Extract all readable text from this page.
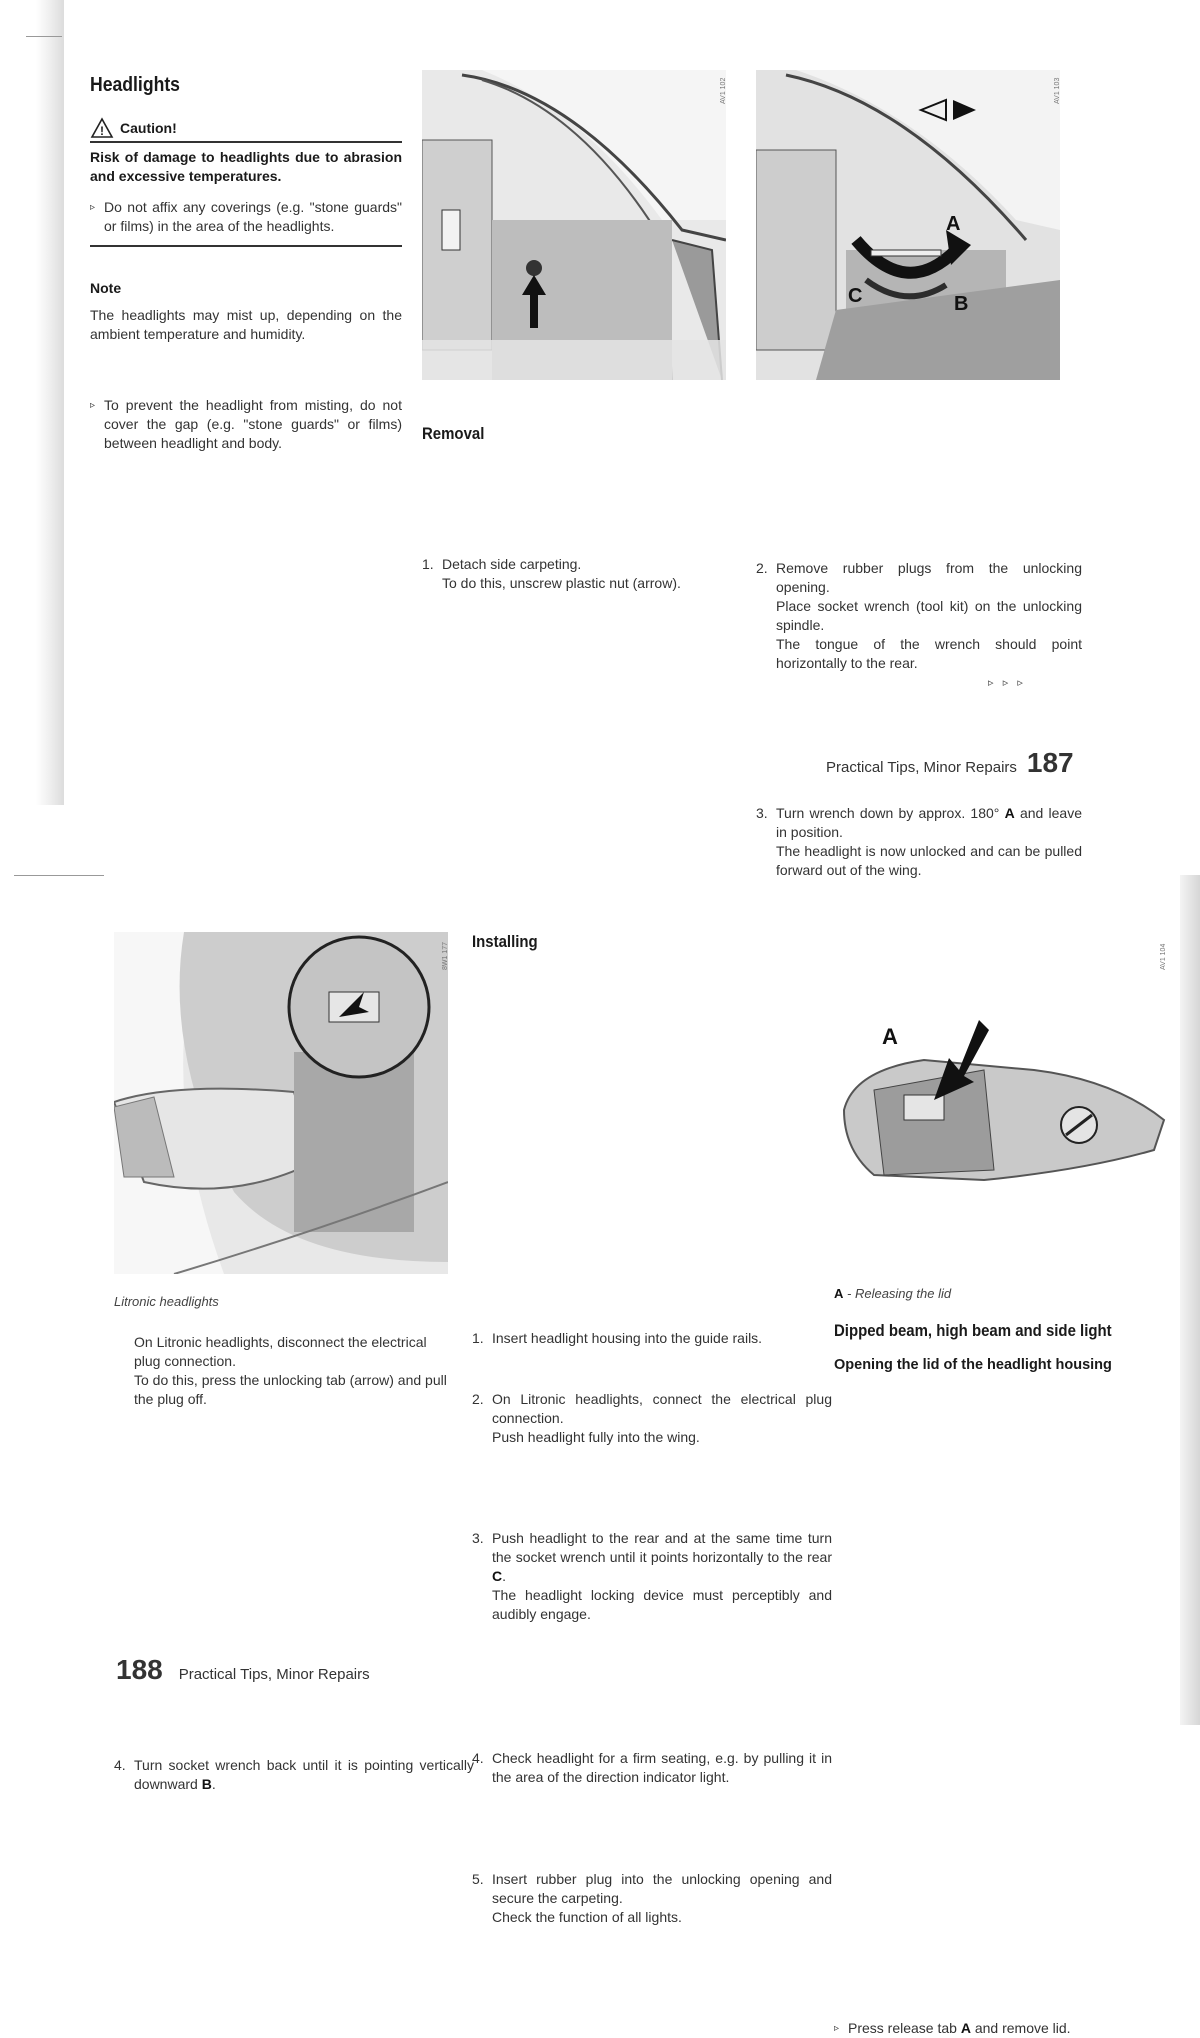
Headlights
! Caution!
Risk of damage to headlights due to abrasion and excessive temperatures.
▹ Do not affix any coverings (e.g. "stone guards" or films) in the area of the headlights.
Note
The headlights may mist up, depending on the ambient temperature and humidity.
▹ To prevent the headlight from misting, do not cover the gap (e.g. "stone guards" or films) between headlight and body.
AV1 102
A
B
C
AV1 103
Removal
1. Detach side carpeting.
To do this, unscrew plastic nut (arrow).
2. Remove rubber plugs from the unlocking opening.
Place socket wrench (tool kit) on the unlocking spindle.
The tongue of the wrench should point horizontally to the rear.
3. Turn wrench down by approx. 180° A and leave in position.
The headlight is now unlocked and can be pulled forward out of the wing.
▹   ▹   ▹
Practical Tips, Minor Repairs 187
8W1 177
Litronic headlights
On Litronic headlights, disconnect the electrical plug connection.
To do this, press the unlocking tab (arrow) and pull the plug off.
4. Turn socket wrench back until it is pointing vertically downward B.
Installing
1. Insert headlight housing into the guide rails.
2. On Litronic headlights, connect the electrical plug connection.
Push headlight fully into the wing.
3. Push headlight to the rear and at the same time turn the socket wrench until it points horizontally to the rear C.
The headlight locking device must perceptibly and audibly engage.
4. Check headlight for a firm seating, e.g. by pulling it in the area of the direction indicator light.
5. Insert rubber plug into the unlocking opening and secure the carpeting.
Check the function of all lights.
A
AV1 104
A - Releasing the lid
Dipped beam, high beam and side light
Opening the lid of the headlight housing
▹ Press release tab A and remove lid.
188 Practical Tips, Minor Repairs
